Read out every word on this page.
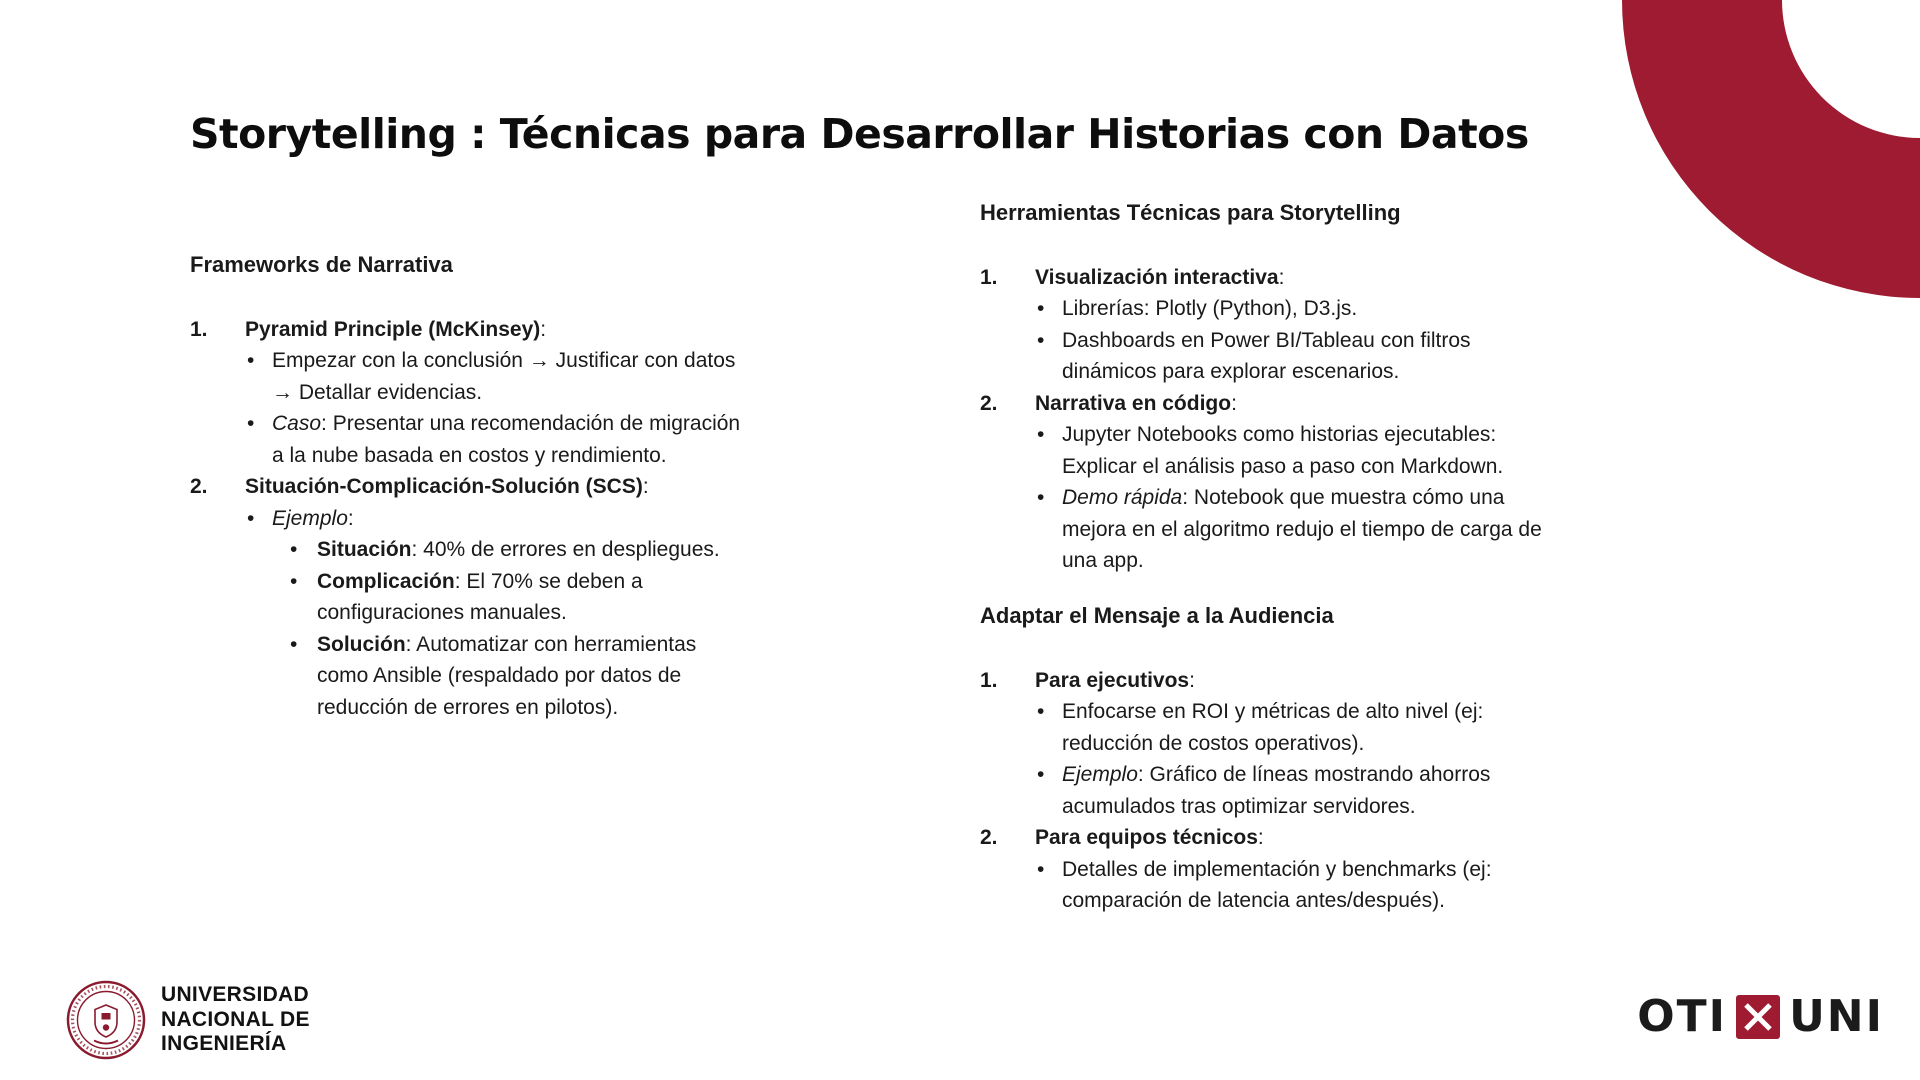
Storytelling : Técnicas para Desarrollar Historias con Datos
Frameworks de Narrativa
1.	Pyramid Principle (McKinsey):
• Empezar con la conclusión → Justificar con datos → Detallar evidencias.
• Caso: Presentar una recomendación de migración a la nube basada en costos y rendimiento.
2.	Situación-Complicación-Solución (SCS):
• Ejemplo:
• Situación: 40% de errores en despliegues.
• Complicación: El 70% se deben a configuraciones manuales.
• Solución: Automatizar con herramientas como Ansible (respaldado por datos de reducción de errores en pilotos).
Herramientas Técnicas para Storytelling
1.	Visualización interactiva:
• Librerías: Plotly (Python), D3.js.
• Dashboards en Power BI/Tableau con filtros dinámicos para explorar escenarios.
2.	Narrativa en código:
• Jupyter Notebooks como historias ejecutables: Explicar el análisis paso a paso con Markdown.
• Demo rápida: Notebook que muestra cómo una mejora en el algoritmo redujo el tiempo de carga de una app.
Adaptar el Mensaje a la Audiencia
1.	Para ejecutivos:
• Enfocarse en ROI y métricas de alto nivel (ej: reducción de costos operativos).
• Ejemplo: Gráfico de líneas mostrando ahorros acumulados tras optimizar servidores.
2.	Para equipos técnicos:
• Detalles de implementación y benchmarks (ej: comparación de latencia antes/después).
UNIVERSIDAD
NACIONAL DE
INGENIERÍA
OTI UNI
